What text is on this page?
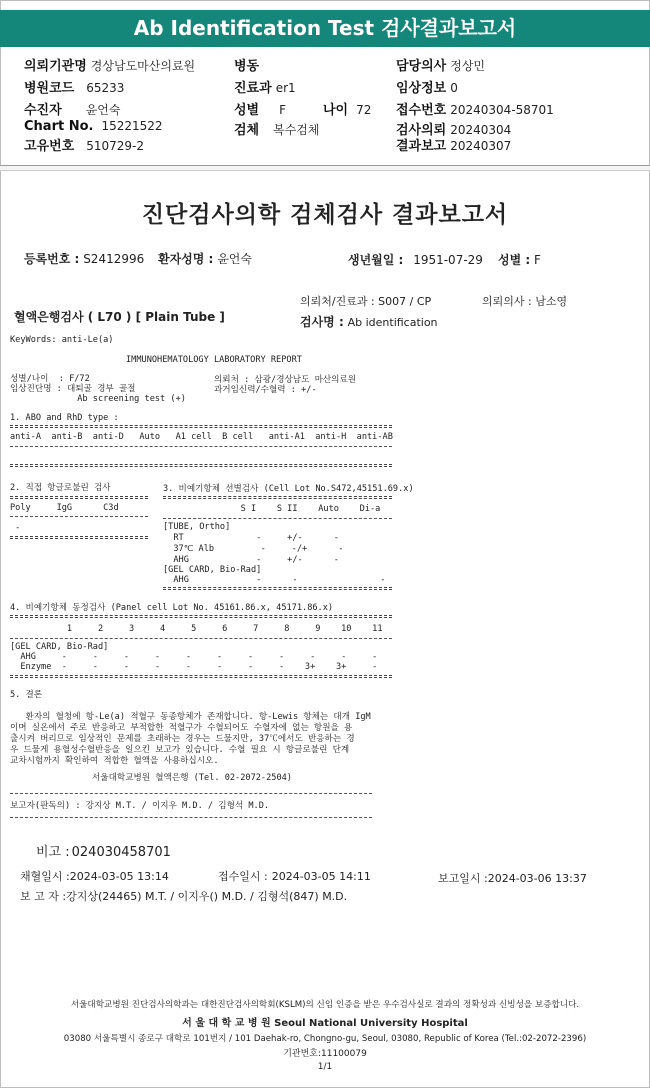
Ab Identification Test 검사결과보고서
의뢰기관명 경상남도마산의료원	병동	담당의사 정상민
병원코드 65233	진료과 er1	임상정보 0
수진자 윤언숙	성별 F	나이 72 접수번호 20240304-58701
Chart No. 15221522	검체 복수검체	검사의뢰 20240304
고유번호 510729-2	결과보고 20240307
진단검사의학 검체검사 결과보고서
등록번호 : S2412996 환자성명 : 윤언숙	생년월일 : 1951-07-29 성별 : F
의뢰처/진료과 : S007 / CP	의뢰의사 : 남소영
혈액은행검사 ( L70 ) [ Plain Tube ]	검사명 : Ab identification
KeyWords: anti-Le(a)
IMMUNOHEMATOLOGY LABORATORY REPORT
성별/나이  : F/72
임상진단명 : 대퇴골 경부 골절
Ab screening test (+)
의뢰처 : 삼광/경상남도 마산의료원
과거임신력/수혈력 : +/-
1. ABO and RhD type :
anti-A  anti-B  anti-D   Auto   A1 cell  B cell   anti-A1  anti-H  anti-AB
2. 직접 항글로불린 검사
Poly     IgG      C3d
-
3. 비예기항체 선별검사 (Cell Lot No.S472,45151.69.x)
S I    S II    Auto    Di-a
[TUBE, Ortho]
RT              -     +/-      -
37℃ Alb         -     -/+      -
AHG             -     +/-      -
[GEL CARD, Bio-Rad]
AHG             -      -                -
4. 비예기항체 동정검사 (Panel cell Lot No. 45161.86.x, 45171.86.x)
1     2     3     4     5     6     7     8     9    10    11
[GEL CARD, Bio-Rad]
AHG     -     -     -     -     -     -     -     -     -     -     -
Enzyme  -     -     -     -     -     -     -     -    3+    3+     -
5. 결론
환자의 혈청에 항-Le(a) 적혈구 동종항체가 존재합니다. 항-Lewis 항체는 대개 IgM
이며 실온에서 주로 반응하고 부적합한 적혈구가 수혈되어도 수혈자에 없는 항원을 용
출시켜 버리므로 임상적인 문제를 초래하는 경우는 드물지만, 37℃에서도 반응하는 경
우 드물게 용혈성수혈반응을 일으킨 보고가 있습니다. 수혈 필요 시 항글로불린 단계
교차시험까지 확인하여 적합한 혈액을 사용하십시오.
서울대학교병원 혈액은행 (Tel. 02-2072-2504)
보고자(판독의) : 강지상 M.T. / 이지우 M.D. / 김형석 M.D.
비고 : 024030458701
채혈일시 :2024-03-05 13:14	접수일시 : 2024-03-05 14:11	보고일시 :2024-03-06 13:37
보 고 자 :강지상(24465) M.T. / 이지우() M.D. / 김형석(847) M.D.
서울대학교병원 진단검사의학과는 대한진단검사의학회(KSLM)의 신임 인증을 받은 우수검사실로 결과의 정확성과 신빙성을 보증합니다.
서 울 대 학 교 병 원 Seoul National University Hospital
03080 서울특별시 종로구 대학로 101번지 / 101 Daehak-ro, Chongno-gu, Seoul, 03080, Republic of Korea (Tel.:02-2072-2396)
기관번호:11100079
1/1
